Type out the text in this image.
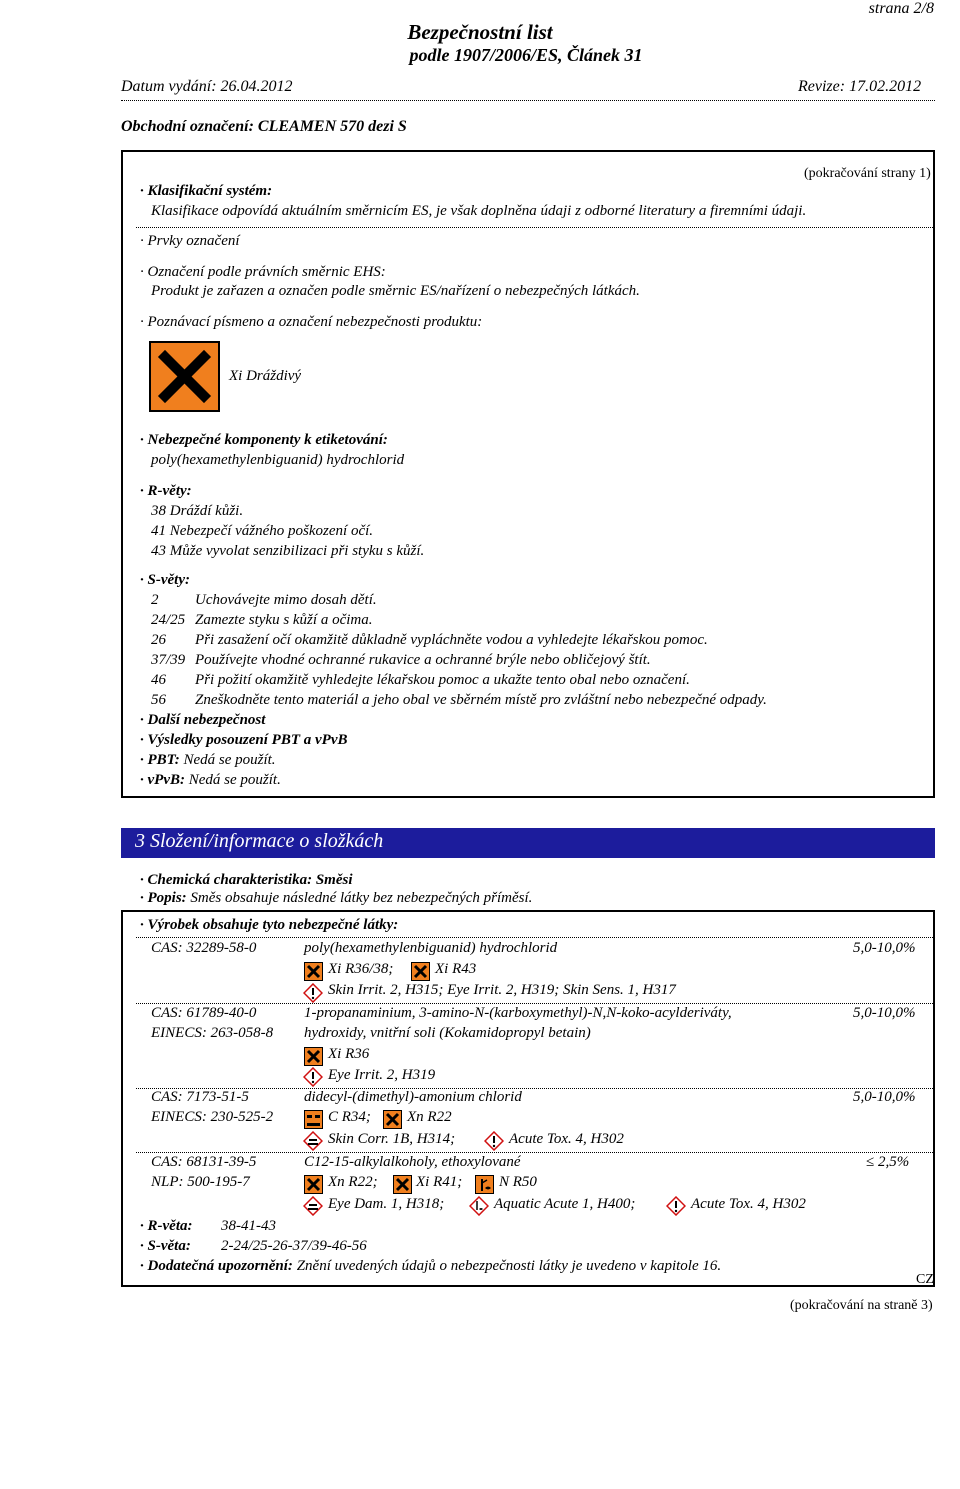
strana 2/8
Bezpečnostní list
podle 1907/2006/ES, Článek 31
Datum vydání: 26.04.2012	Revize: 17.02.2012
Obchodní označení: CLEAMEN 570 dezi S
(pokračování strany 1)
· Klasifikační systém:
Klasifikace odpovídá aktuálním směrnicím ES, je však doplněna údaji z odborné literatury a firemními údaji.
· Prvky označení
· Označení podle právních směrnic EHS:
Produkt je zařazen a označen podle směrnic ES/nařízení o nebezpečných látkách.
· Poznávací písmeno a označení nebezpečnosti produktu:
Xi Dráždivý
· Nebezpečné komponenty k etiketování:
poly(hexamethylenbiguanid) hydrochlorid
· R-věty:
38 Dráždí kůži.
41 Nebezpečí vážného poškození očí.
43 Může vyvolat senzibilizaci při styku s kůží.
· S-věty:
2 Uchovávejte mimo dosah dětí.
24/25 Zamezte styku s kůží a očima.
26 Při zasažení očí okamžitě důkladně vypláchněte vodou a vyhledejte lékařskou pomoc.
37/39 Používejte vhodné ochranné rukavice a ochranné brýle nebo obličejový štít.
46 Při požití okamžitě vyhledejte lékařskou pomoc a ukažte tento obal nebo označení.
56 Zneškodněte tento materiál a jeho obal ve sběrném místě pro zvláštní nebo nebezpečné odpady.
· Další nebezpečnost
· Výsledky posouzení PBT a vPvB
· PBT: Nedá se použít.
· vPvB: Nedá se použít.
3 Složení/informace o složkách
· Chemická charakteristika: Směsi
· Popis: Směs obsahuje následné látky bez nebezpečných příměsí.
· Výrobek obsahuje tyto nebezpečné látky:
CAS: 32289-58-0	poly(hexamethylenbiguanid) hydrochlorid	5,0-10,0%
Xi R36/38;	Xi R43
Skin Irrit. 2, H315; Eye Irrit. 2, H319; Skin Sens. 1, H317
CAS: 61789-40-0
EINECS: 263-058-8
1-propanaminium, 3-amino-N-(karboxymethyl)-N,N-koko-acylderiváty,
hydroxidy, vnitřní soli (Kokamidopropyl betain)
5,0-10,0%
Xi R36
Eye Irrit. 2, H319
CAS: 7173-51-5
EINECS: 230-525-2
didecyl-(dimethyl)-amonium chlorid	5,0-10,0%
C R34; Xn R22
Skin Corr. 1B, H314;	Acute Tox. 4, H302
CAS: 68131-39-5
NLP: 500-195-7
C12-15-alkylalkoholy, ethoxylované	≤ 2,5%
Xn R22;	Xi R41; N R50
Eye Dam. 1, H318;	Aquatic Acute 1, H400;	Acute Tox. 4, H302
· R-věta: 38-41-43
· S-věta: 2-24/25-26-37/39-46-56
· Dodatečná upozornění: Znění uvedených údajů o nebezpečnosti látky je uvedeno v kapitole 16.
CZ
(pokračování na straně 3)
